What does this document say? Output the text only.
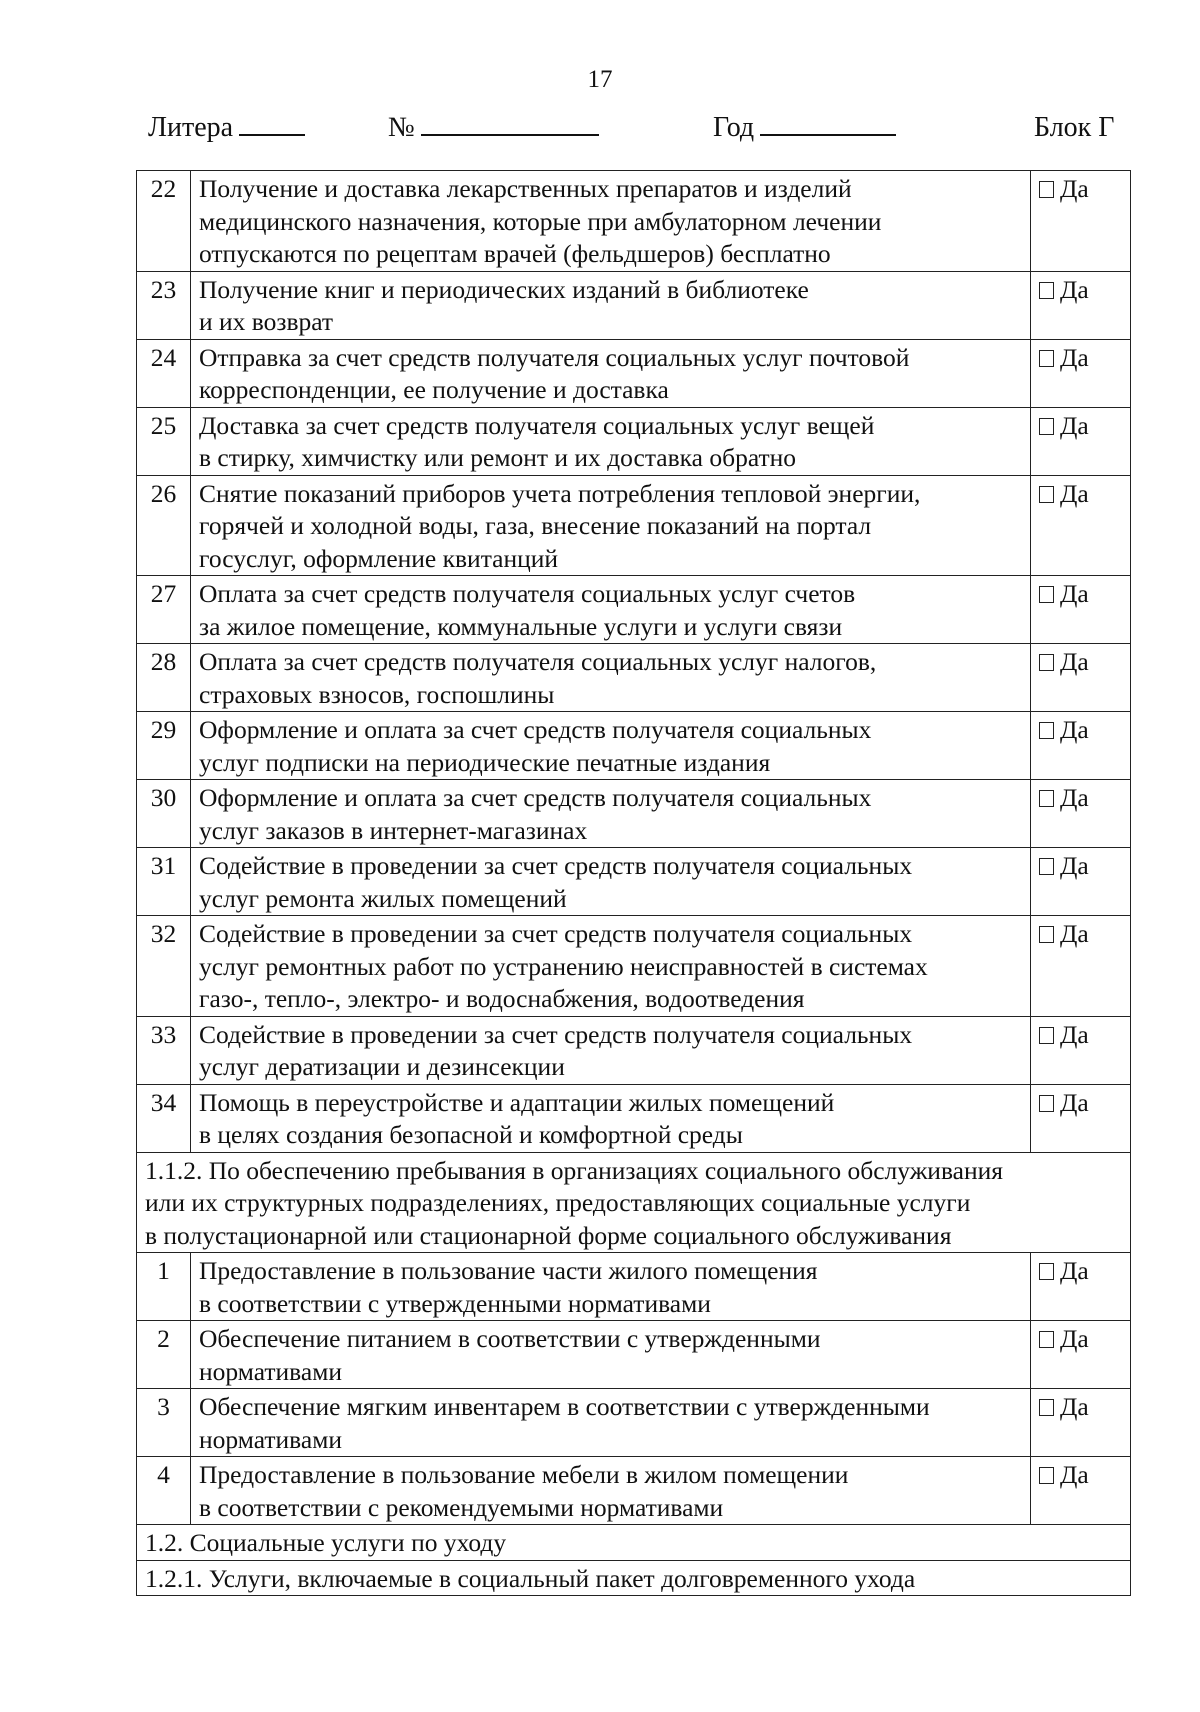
17
Литера	№	Год	Блок Г
22	Получение и доставка лекарственных препаратов и изделий
медицинского назначения, которые при амбулаторном лечении
отпускаются по рецептам врачей (фельдшеров) бесплатно	Да
23	Получение книг и периодических изданий в библиотеке
и их возврат	Да
24	Отправка за счет средств получателя социальных услуг почтовой
корреспонденции, ее получение и доставка	Да
25	Доставка за счет средств получателя социальных услуг вещей
в стирку, химчистку или ремонт и их доставка обратно	Да
26	Снятие показаний приборов учета потребления тепловой энергии,
горячей и холодной воды, газа, внесение показаний на портал
госуслуг, оформление квитанций	Да
27	Оплата за счет средств получателя социальных услуг счетов
за жилое помещение, коммунальные услуги и услуги связи	Да
28	Оплата за счет средств получателя социальных услуг налогов,
страховых взносов, госпошлины	Да
29	Оформление и оплата за счет средств получателя социальных
услуг подписки на периодические печатные издания	Да
30	Оформление и оплата за счет средств получателя социальных
услуг заказов в интернет-магазинах	Да
31	Содействие в проведении за счет средств получателя социальных
услуг ремонта жилых помещений	Да
32	Содействие в проведении за счет средств получателя социальных
услуг ремонтных работ по устранению неисправностей в системах
газо-, тепло-, электро- и водоснабжения, водоотведения	Да
33	Содействие в проведении за счет средств получателя социальных
услуг дератизации и дезинсекции	Да
34	Помощь в переустройстве и адаптации жилых помещений
в целях создания безопасной и комфортной среды	Да

1.1.2. По обеспечению пребывания в организациях социального обслуживания
или их структурных подразделениях, предоставляющих социальные услуги
в полустационарной или стационарной форме социального обслуживания		

1	Предоставление в пользование части жилого помещения
в соответствии с утвержденными нормативами	Да
2	Обеспечение питанием в соответствии с утвержденными
нормативами	Да
3	Обеспечение мягким инвентарем в соответствии с утвержденными
нормативами	Да
4	Предоставление в пользование мебели в жилом помещении
в соответствии с рекомендуемыми нормативами	Да

1.2. Социальные услуги по уходу		

1.2.1. Услуги, включаемые в социальный пакет долговременного ухода		
